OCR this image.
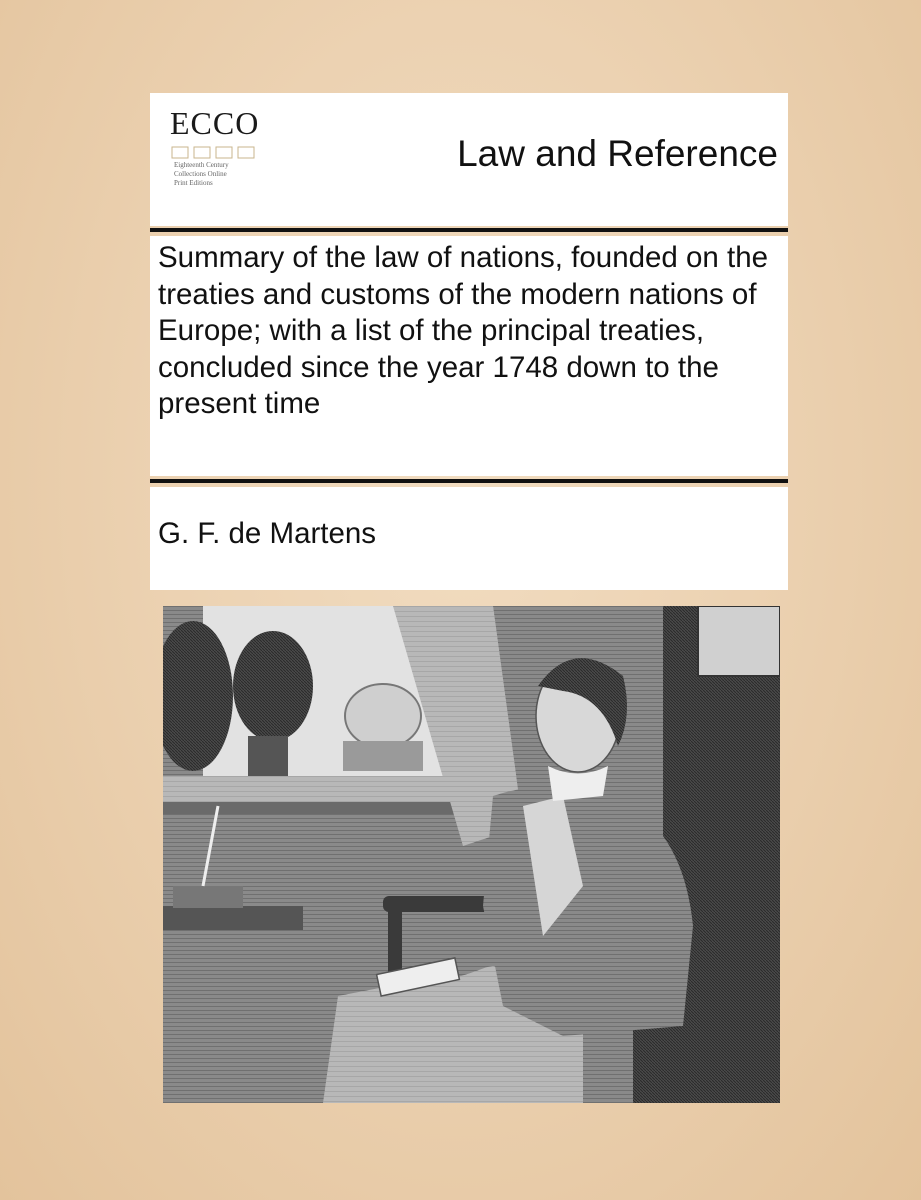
ECCO
Eighteenth Century
Collections Online
Print Editions
Law and Reference
Summary of the law of nations, founded on the treaties and customs of the modern nations of Europe; with a list of the principal treaties, concluded since the year 1748 down to the present time
G. F. de Martens
